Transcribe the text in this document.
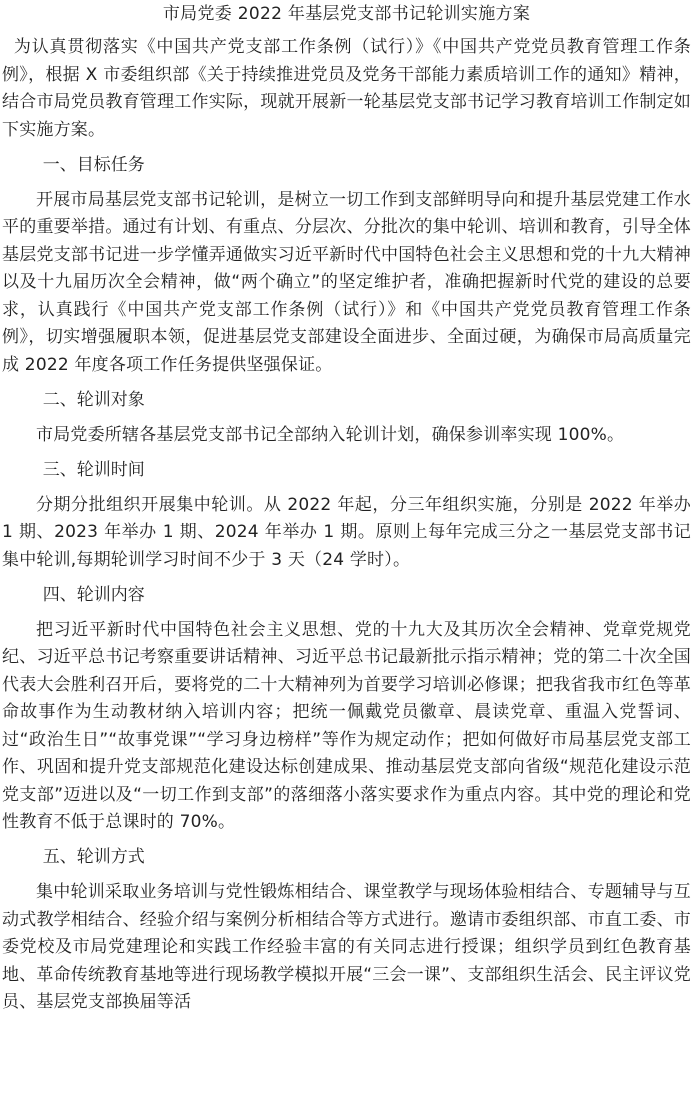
市局党委 2022 年基层党支部书记轮训实施方案

为认真贯彻落实《中国共产党支部工作条例（试行）》《中国共产党党员教育管理工作条例》，根据 X 市委组织部《关于持续推进党员及党务干部能力素质培训工作的通知》精神，结合市局党员教育管理工作实际，现就开展新一轮基层党支部书记学习教育培训工作制定如下实施方案。

一、目标任务

开展市局基层党支部书记轮训，是树立一切工作到支部鲜明导向和提升基层党建工作水平的重要举措。通过有计划、有重点、分层次、分批次的集中轮训、培训和教育，引导全体基层党支部书记进一步学懂弄通做实习近平新时代中国特色社会主义思想和党的十九大精神以及十九届历次全会精神，做“两个确立”的坚定维护者，准确把握新时代党的建设的总要求，认真践行《中国共产党支部工作条例（试行）》和《中国共产党党员教育管理工作条例》，切实增强履职本领，促进基层党支部建设全面进步、全面过硬，为确保市局高质量完成 2022 年度各项工作任务提供坚强保证。

二、轮训对象

市局党委所辖各基层党支部书记全部纳入轮训计划，确保参训率实现 100%。

三、轮训时间

分期分批组织开展集中轮训。从 2022 年起，分三年组织实施，分别是 2022 年举办 1 期、2023 年举办 1 期、2024 年举办 1 期。原则上每年完成三分之一基层党支部书记集中轮训,每期轮训学习时间不少于 3 天（24 学时）。

四、轮训内容

把习近平新时代中国特色社会主义思想、党的十九大及其历次全会精神、党章党规党纪、习近平总书记考察重要讲话精神、习近平总书记最新批示指示精神；党的第二十次全国代表大会胜利召开后，要将党的二十大精神列为首要学习培训必修课；把我省我市红色等革命故事作为生动教材纳入培训内容；把统一佩戴党员徽章、晨读党章、重温入党誓词、过“政治生日”“故事党课”“学习身边榜样”等作为规定动作；把如何做好市局基层党支部工作、巩固和提升党支部规范化建设达标创建成果、推动基层党支部向省级“规范化建设示范党支部”迈进以及“一切工作到支部”的落细落小落实要求作为重点内容。其中党的理论和党性教育不低于总课时的 70%。

五、轮训方式

集中轮训采取业务培训与党性锻炼相结合、课堂教学与现场体验相结合、专题辅导与互动式教学相结合、经验介绍与案例分析相结合等方式进行。邀请市委组织部、市直工委、市委党校及市局党建理论和实践工作经验丰富的有关同志进行授课；组织学员到红色教育基地、革命传统教育基地等进行现场教学模拟开展“三会一课”、支部组织生活会、民主评议党员、基层党支部换届等活
